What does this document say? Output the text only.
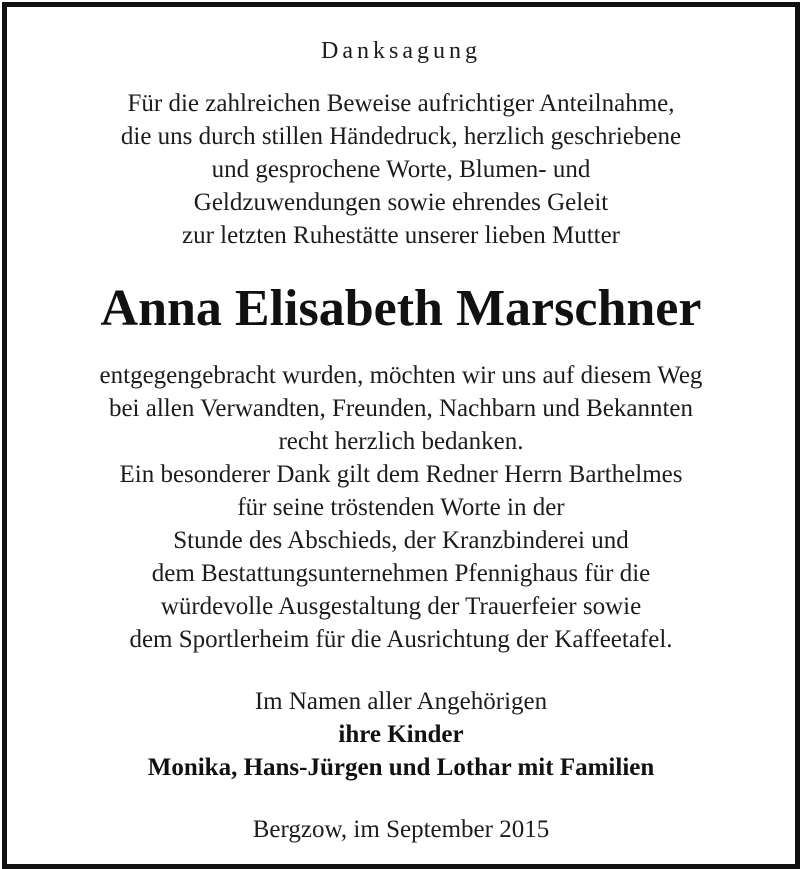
Danksagung
Für die zahlreichen Beweise aufrichtiger Anteilnahme,
die uns durch stillen Händedruck, herzlich geschriebene
und gesprochene Worte, Blumen- und
Geldzuwendungen sowie ehrendes Geleit
zur letzten Ruhestätte unserer lieben Mutter
Anna Elisabeth Marschner
entgegengebracht wurden, möchten wir uns auf diesem Weg
bei allen Verwandten, Freunden, Nachbarn und Bekannten
recht herzlich bedanken.
Ein besonderer Dank gilt dem Redner Herrn Barthelmes
für seine tröstenden Worte in der
Stunde des Abschieds, der Kranzbinderei und
dem Bestattungsunternehmen Pfennighaus für die
würdevolle Ausgestaltung der Trauerfeier sowie
dem Sportlerheim für die Ausrichtung der Kaffeetafel.
Im Namen aller Angehörigen
ihre Kinder
Monika, Hans-Jürgen und Lothar mit Familien
Bergzow, im September 2015
